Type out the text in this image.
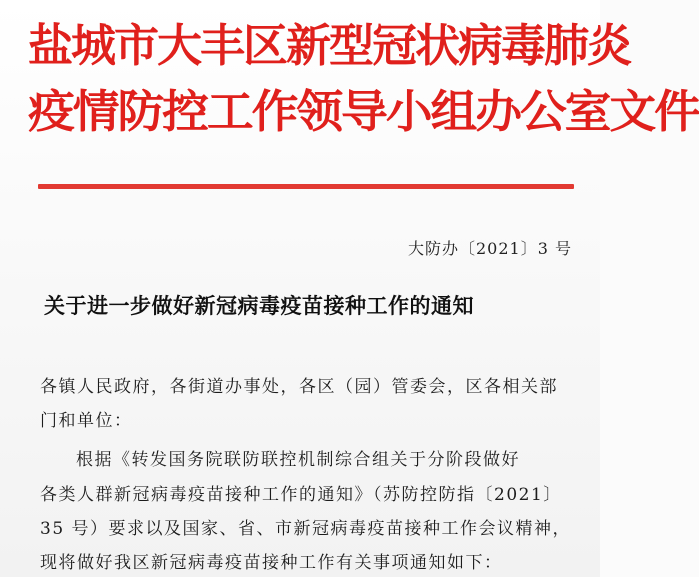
盐城市大丰区新型冠状病毒肺炎
疫情防控工作领导小组办公室文件
大防办〔2021〕3 号
关于进一步做好新冠病毒疫苗接种工作的通知
各镇人民政府，各街道办事处，各区（园）管委会，区各相关部
门和单位：
根据《转发国务院联防联控机制综合组关于分阶段做好
各类人群新冠病毒疫苗接种工作的通知》（苏防控防指〔2021〕
35 号）要求以及国家、省、市新冠病毒疫苗接种工作会议精神，
现将做好我区新冠病毒疫苗接种工作有关事项通知如下：
